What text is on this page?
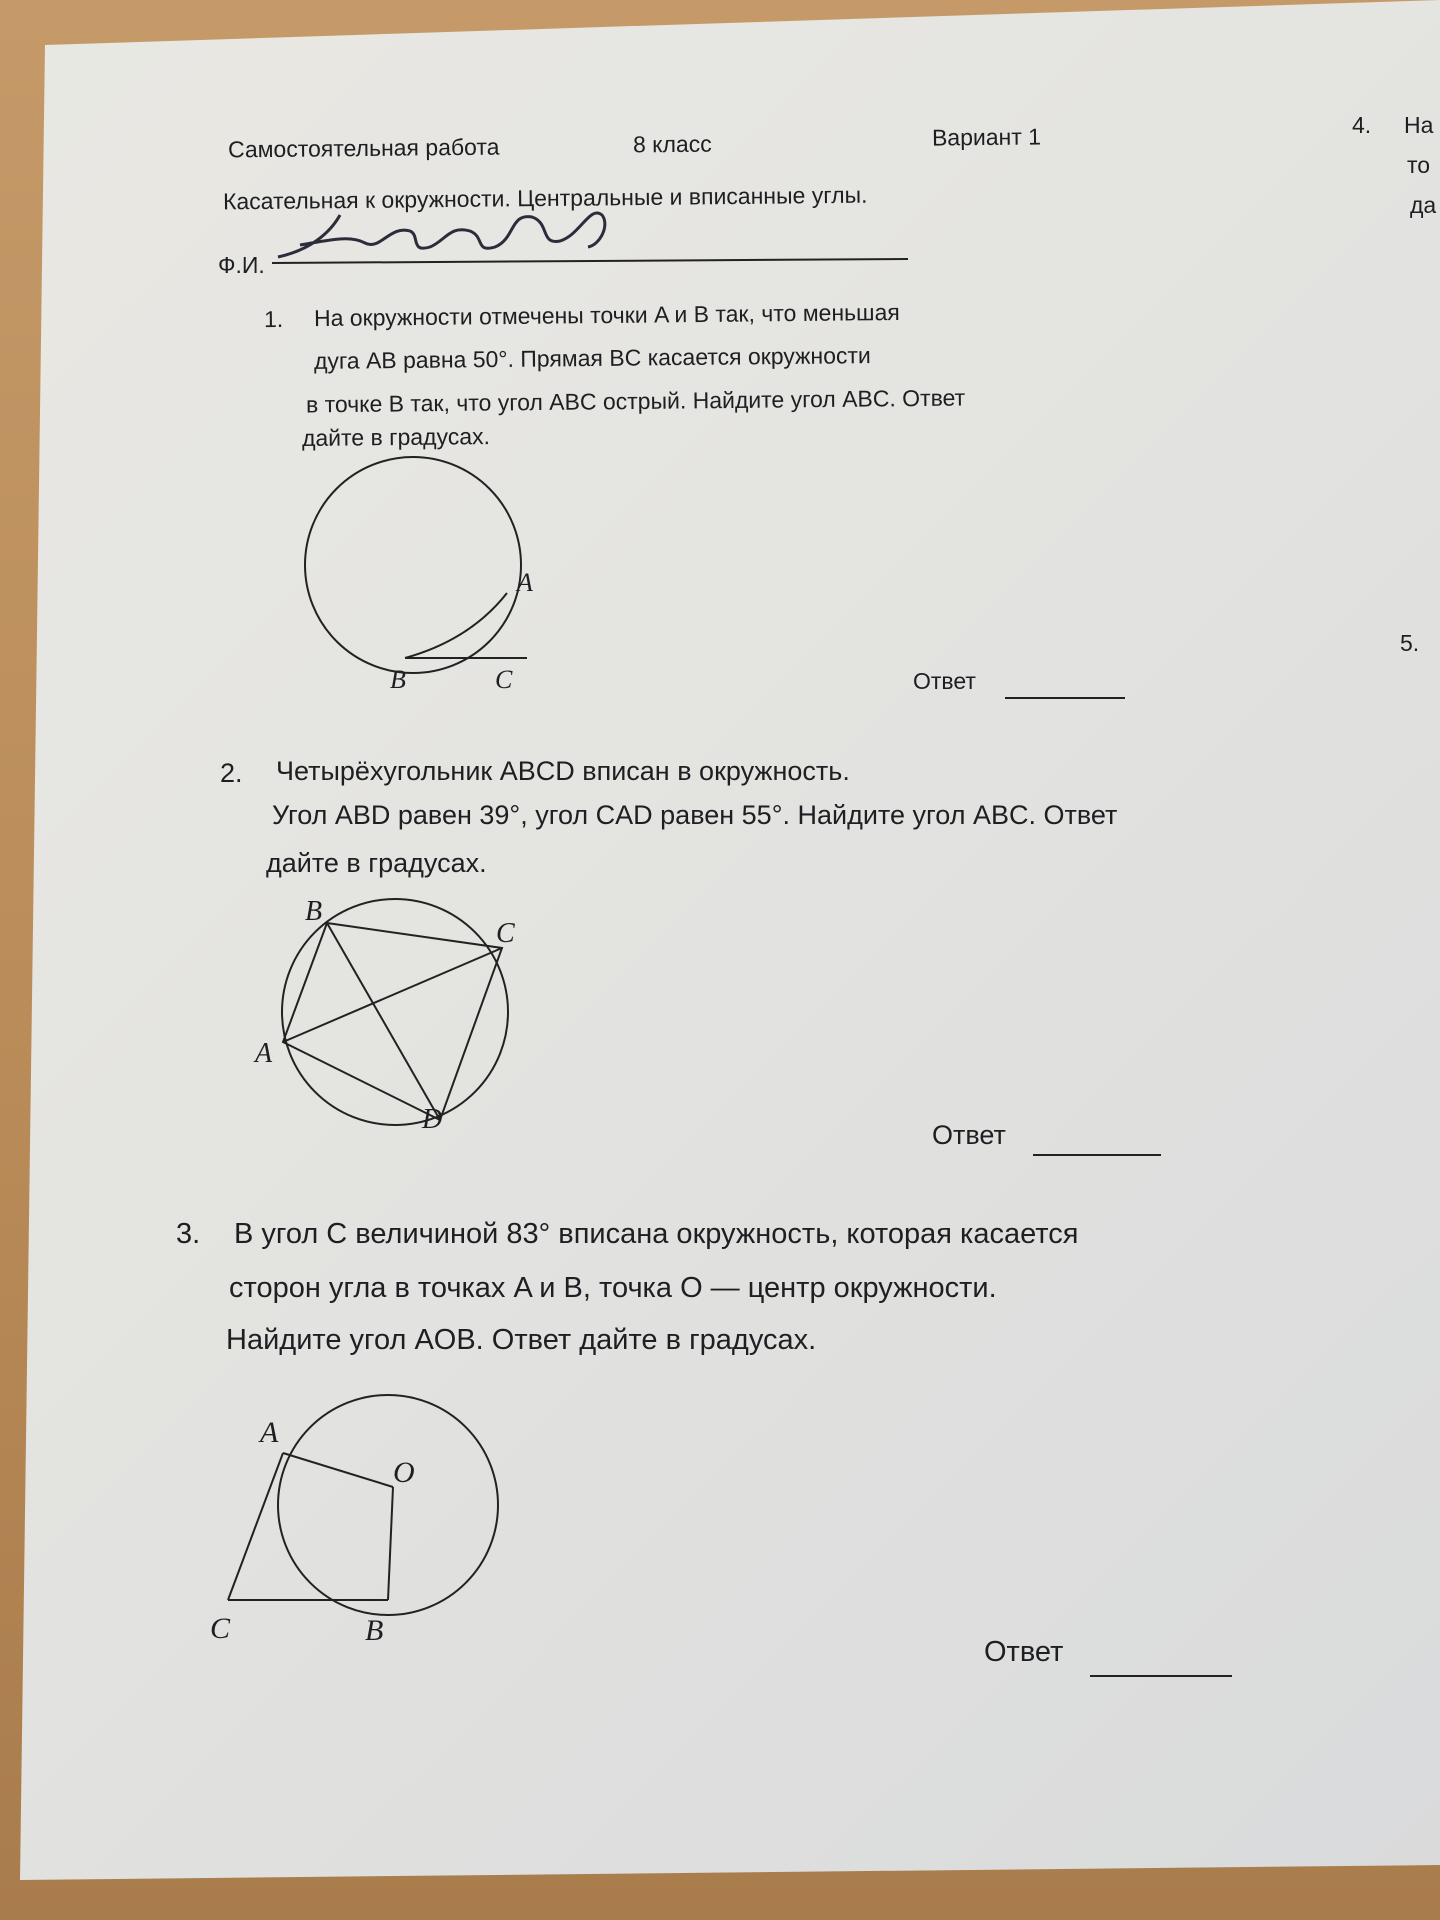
Самостоятельная работа	8 класс	Вариант 1

Касательная к окружности. Центральные и вписанные углы.

Ф.И.

1. На окружности отмечены точки A и B так, что меньшая

дуга AB равна 50°. Прямая BC касается окружности

в точке B так, что угол ABC острый. Найдите угол ABC. Ответ

дайте в градусах.

A
B	C	Ответ

2. Четырёхугольник ABCD вписан в окружность.

Угол ABD равен 39°, угол CAD равен 55°. Найдите угол ABC. Ответ

дайте в градусах.

B
C
A
D	Ответ

3. В угол C величиной 83° вписана окружность, которая касается

сторон угла в точках A и B, точка O — центр окружности.

Найдите угол AOB. Ответ дайте в градусах.

A
O
C	B

Ответ

4. На

то

да

5.
